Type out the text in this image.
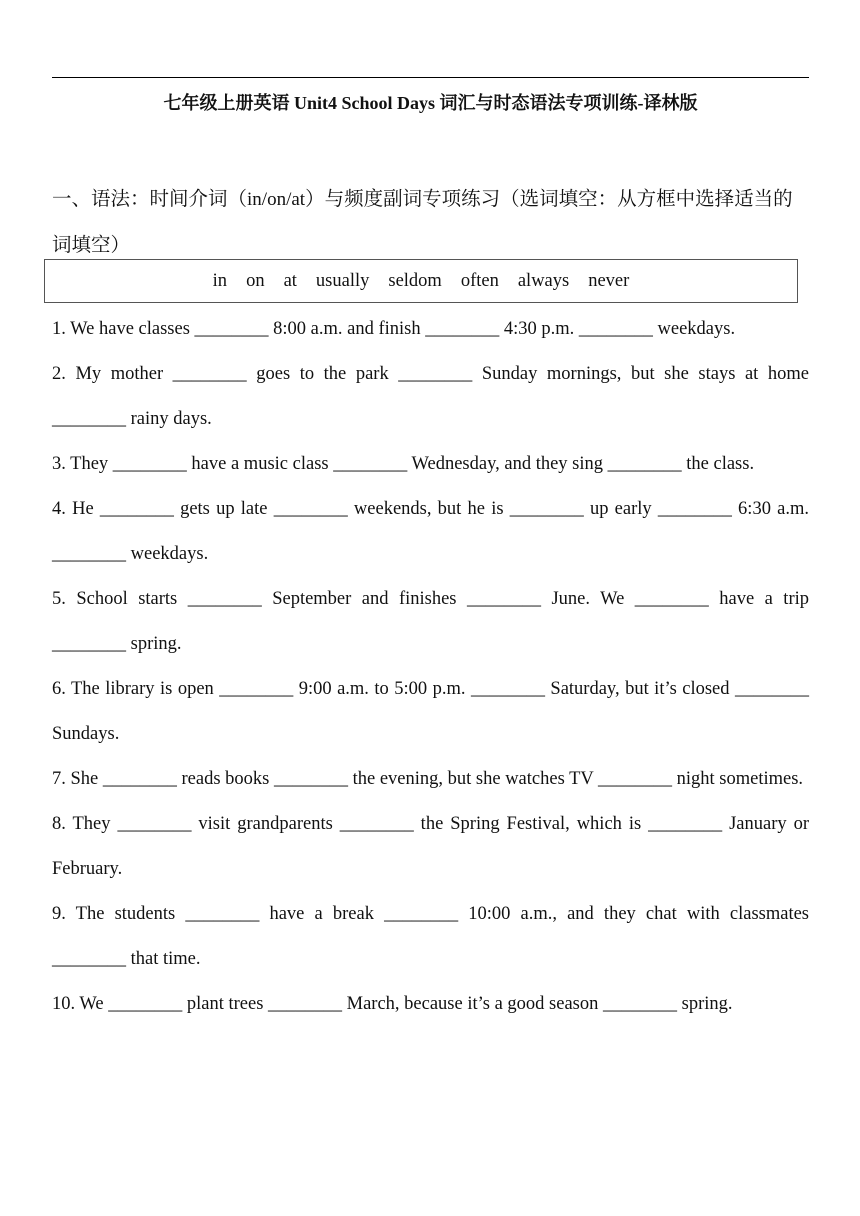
七年级上册英语 Unit4 School Days 词汇与时态语法专项训练-译林版
一、语法：时间介词（in/on/at）与频度副词专项练习（选词填空：从方框中选择适当的词填空）
in on at usually seldom often always never
1. We have classes ________ 8:00 a.m. and finish ________ 4:30 p.m. ________ weekdays.
2. My mother ________ goes to the park ________ Sunday mornings, but she stays at home ________ rainy days.
3. They ________ have a music class ________ Wednesday, and they sing ________ the class.
4. He ________ gets up late ________ weekends, but he is ________ up early ________ 6:30 a.m. ________ weekdays.
5. School starts ________ September and finishes ________ June. We ________ have a trip ________ spring.
6. The library is open ________ 9:00 a.m. to 5:00 p.m. ________ Saturday, but it’s closed ________ Sundays.
7. She ________ reads books ________ the evening, but she watches TV ________ night sometimes.
8. They ________ visit grandparents ________ the Spring Festival, which is ________ January or February.
9. The students ________ have a break ________ 10:00 a.m., and they chat with classmates ________ that time.
10. We ________ plant trees ________ March, because it’s a good season ________ spring.
